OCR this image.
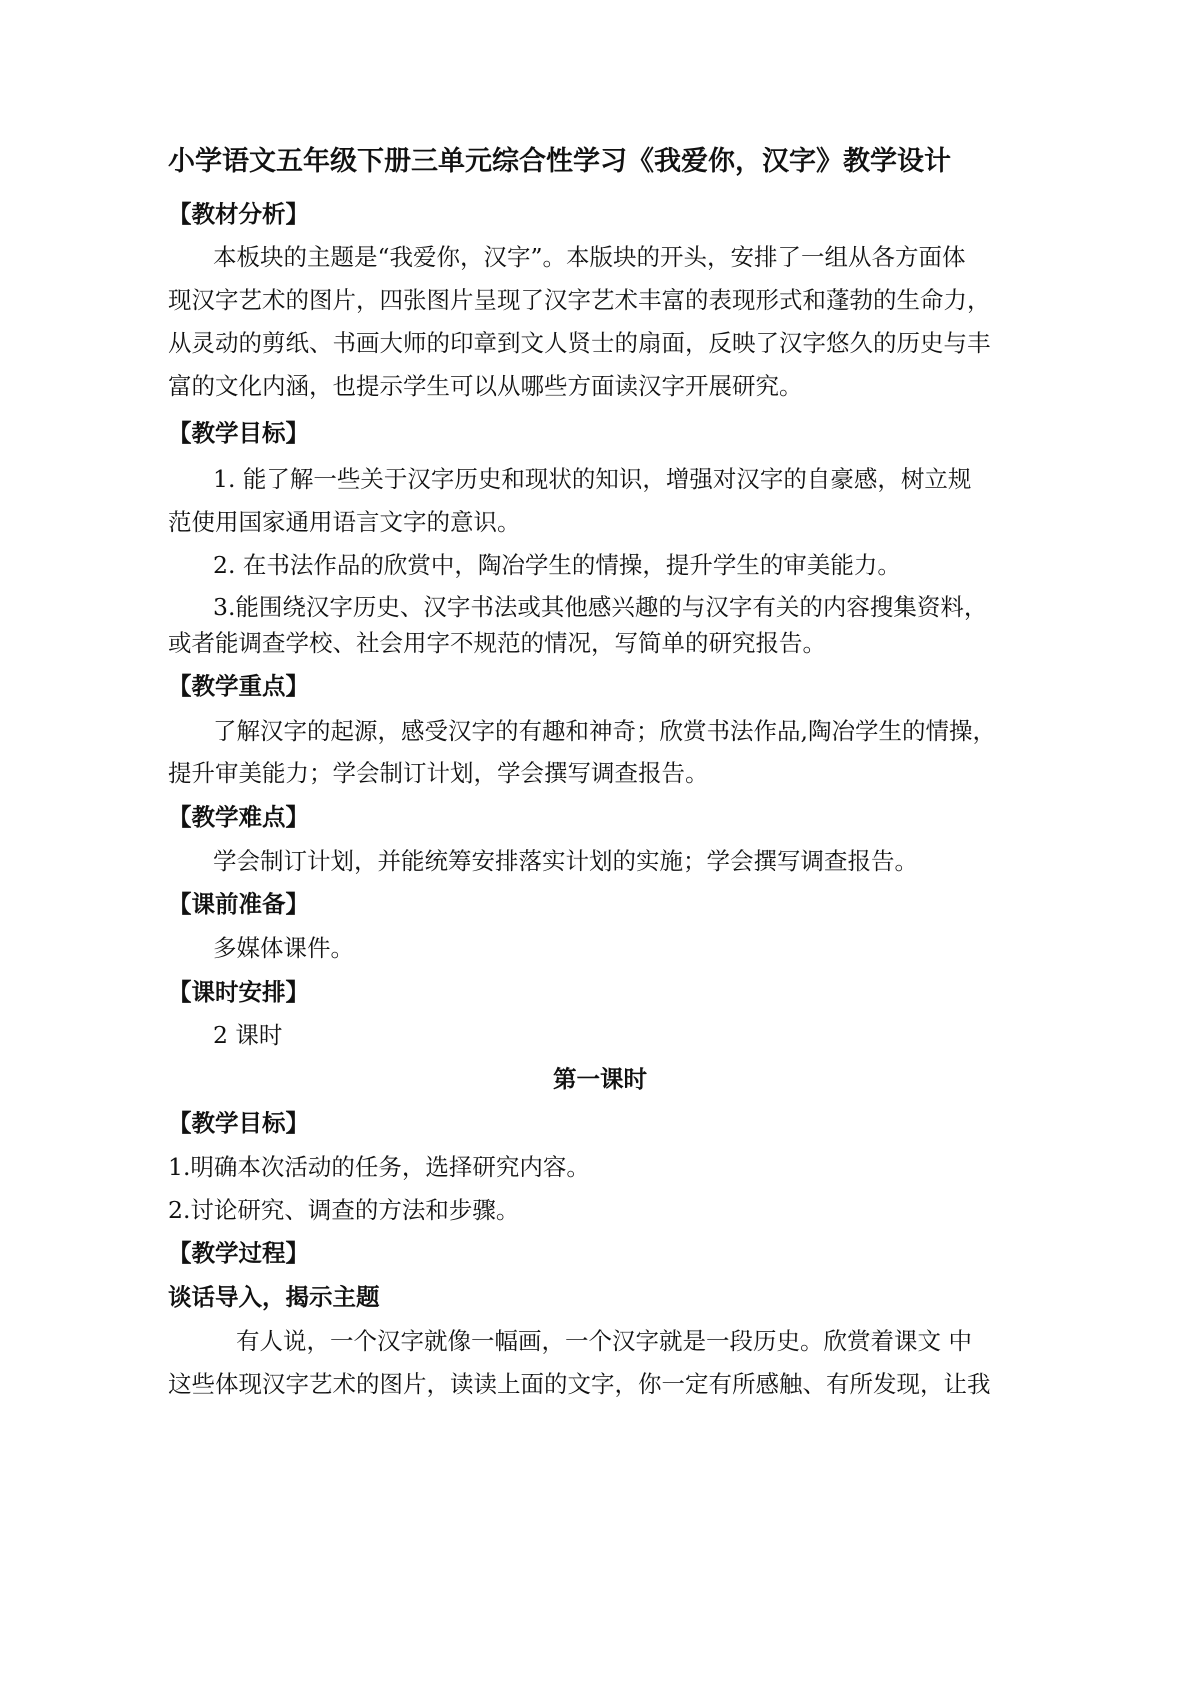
小学语文五年级下册三单元综合性学习《我爱你，汉字》教学设计
【教材分析】
本板块的主题是“我爱你，汉字”。本版块的开头，安排了一组从各方面体
现汉字艺术的图片，四张图片呈现了汉字艺术丰富的表现形式和蓬勃的生命力，
从灵动的剪纸、书画大师的印章到文人贤士的扇面，反映了汉字悠久的历史与丰
富的文化内涵，也提示学生可以从哪些方面读汉字开展研究。
【教学目标】
1. 能了解一些关于汉字历史和现状的知识，增强对汉字的自豪感，树立规
范使用国家通用语言文字的意识。
2. 在书法作品的欣赏中，陶冶学生的情操，提升学生的审美能力。
3.能围绕汉字历史、汉字书法或其他感兴趣的与汉字有关的内容搜集资料，
或者能调查学校、社会用字不规范的情况，写简单的研究报告。
【教学重点】
了解汉字的起源，感受汉字的有趣和神奇；欣赏书法作品,陶冶学生的情操，
提升审美能力；学会制订计划，学会撰写调查报告。
【教学难点】
学会制订计划，并能统筹安排落实计划的实施；学会撰写调查报告。
【课前准备】
多媒体课件。
【课时安排】
2 课时
第一课时
【教学目标】
1.明确本次活动的任务，选择研究内容。
2.讨论研究、调查的方法和步骤。
【教学过程】
谈话导入，揭示主题
有人说，一个汉字就像一幅画，一个汉字就是一段历史。欣赏着课文 中
这些体现汉字艺术的图片，读读上面的文字，你一定有所感触、有所发现，让我
